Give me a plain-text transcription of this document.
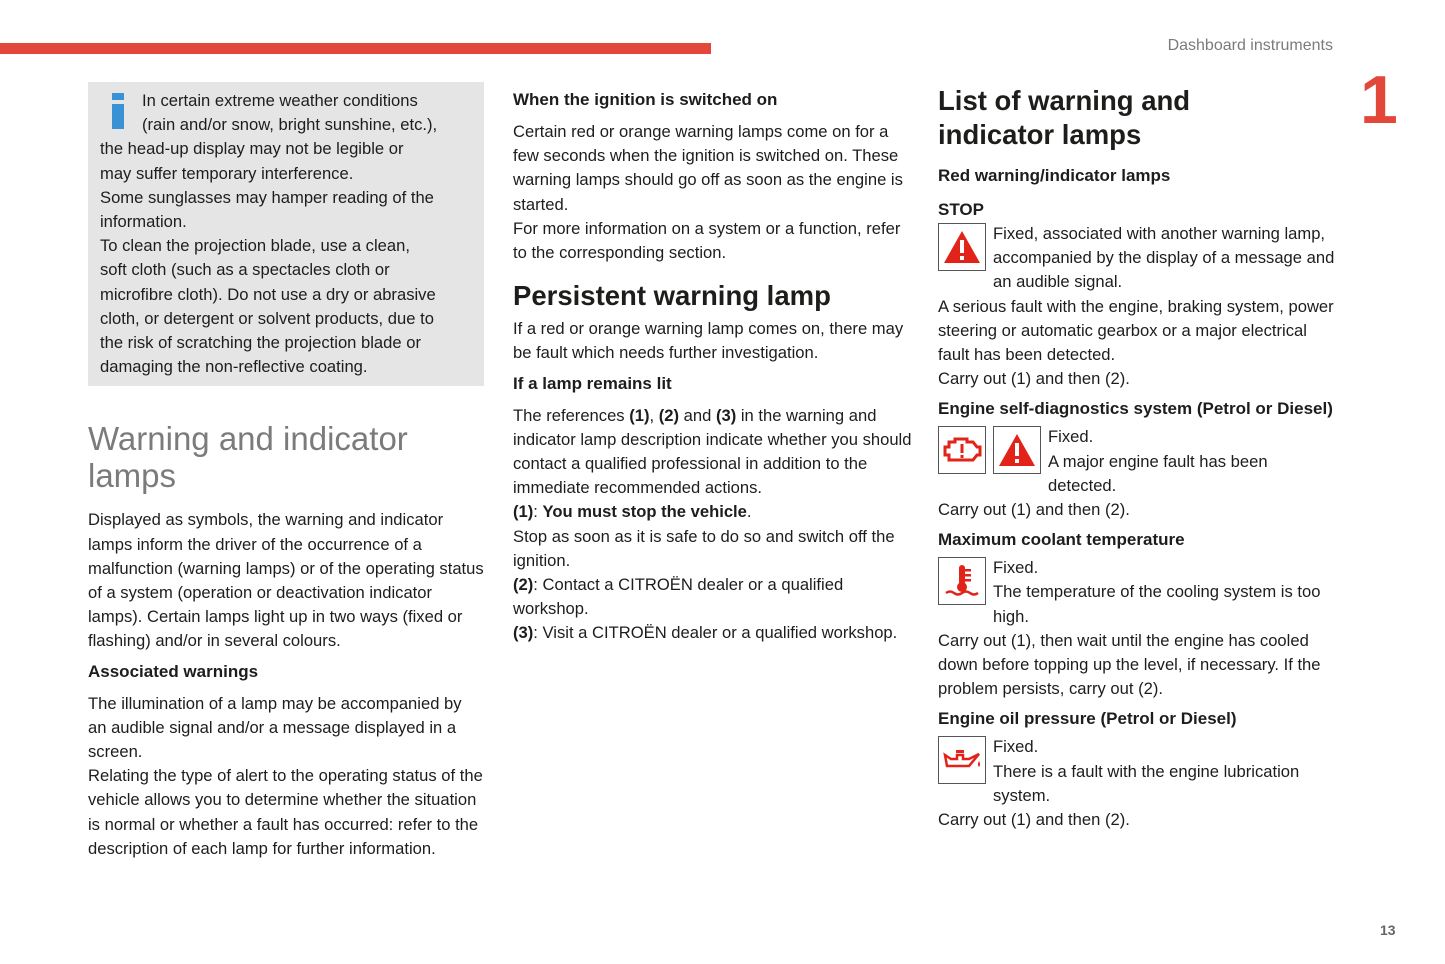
Dashboard instruments
1
13

In certain extreme weather conditions

(rain and/or snow, bright sunshine, etc.),

the head-up display may not be legible or

may suffer temporary interference.

Some sunglasses may hamper reading of the

information.

To clean the projection blade, use a clean,

soft cloth (such as a spectacles cloth or

microfibre cloth). Do not use a dry or abrasive

cloth, or detergent or solvent products, due to

the risk of scratching the projection blade or

damaging the non-reflective coating.

Warning and indicator
lamps

Displayed as symbols, the warning and indicator lamps inform the driver of the occurrence of a malfunction (warning lamps) or of the operating status of a system (operation or deactivation indicator lamps). Certain lamps light up in two ways (fixed or flashing) and/or in several colours.

Associated warnings

The illumination of a lamp may be accompanied by an audible signal and/or a message displayed in a screen.

Relating the type of alert to the operating status of the vehicle allows you to determine whether the situation is normal or whether a fault has occurred: refer to the description of each lamp for further information.

When the ignition is switched on

Certain red or orange warning lamps come on for a few seconds when the ignition is switched on. These warning lamps should go off as soon as the engine is started.

For more information on a system or a function, refer to the corresponding section.

Persistent warning lamp

If a red or orange warning lamp comes on, there may be fault which needs further investigation.

If a lamp remains lit

The references (1), (2) and (3) in the warning and indicator lamp description indicate whether you should contact a qualified professional in addition to the immediate recommended actions.

(1): You must stop the vehicle.

Stop as soon as it is safe to do so and switch off the ignition.

(2): Contact a CITROËN dealer or a qualified workshop.

(3): Visit a CITROËN dealer or a qualified workshop.

List of warning and
indicator lamps
Red warning/indicator lamps
STOP

Fixed, associated with another warning lamp, accompanied by the display of a message and an audible signal.

A serious fault with the engine, braking system, power steering or automatic gearbox or a major electrical fault has been detected.

Carry out (1) and then (2).

Engine self-diagnostics system (Petrol or Diesel)

Fixed.

A major engine fault has been detected.

Carry out (1) and then (2).

Maximum coolant temperature

Fixed.

The temperature of the cooling system is too high.

Carry out (1), then wait until the engine has cooled down before topping up the level, if necessary. If the problem persists, carry out (2).

Engine oil pressure (Petrol or Diesel)

Fixed.

There is a fault with the engine lubrication system.

Carry out (1) and then (2).
